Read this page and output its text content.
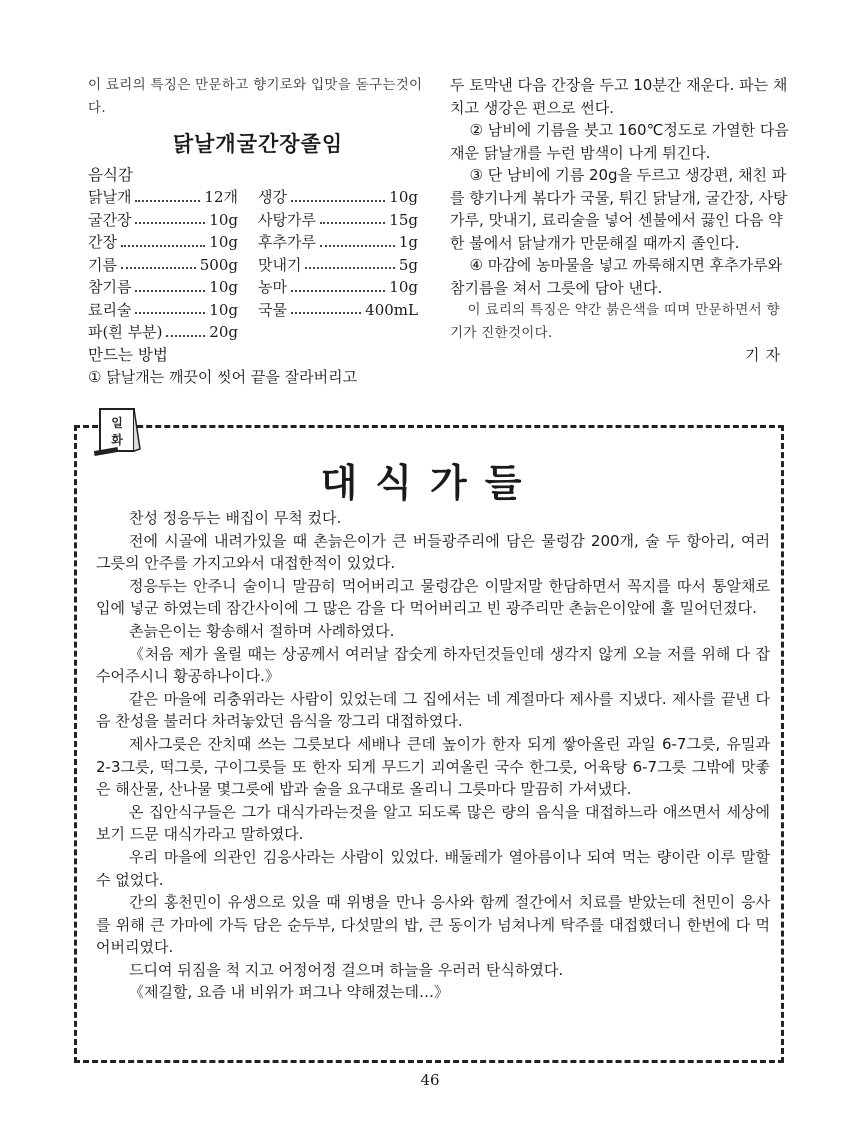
이 료리의 특징은 만문하고 향기로와 입맛을 돋구는것이다.
닭날개굴간장졸임
음식감
닭날개	12개 생강	10g
굴간장	10g 사탕가루	15g
간장	10g 후추가루	1g
기름	500g 맛내기	5g
참기름	10g 농마	10g
료리술	10g 국물	400mL
파(흰 부분)	20g
만드는 방법
① 닭날개는 깨끗이 씻어 끝을 잘라버리고
두 토막낸 다음 간장을 두고 10분간 재운다. 파는 채치고 생강은 편으로 썬다.
② 남비에 기름을 붓고 160℃정도로 가열한 다음 재운 닭날개를 누런 밤색이 나게 튀긴다.
③ 단 남비에 기름 20g을 두르고 생강편, 채친 파를 향기나게 볶다가 국물, 튀긴 닭날개, 굴간장, 사탕가루, 맛내기, 료리술을 넣어 센불에서 끓인 다음 약한 불에서 닭날개가 만문해질 때까지 졸인다.
④ 마감에 농마물을 넣고 까룩해지면 후추가루와 참기름을 쳐서 그릇에 담아 낸다.
이 료리의 특징은 약간 붉은색을 띠며 만문하면서 향기가 진한것이다.
기자
일
화
대식가들

찬성 정응두는 배집이 무척 컸다.

전에 시골에 내려가있을 때 촌늙은이가 큰 버들광주리에 담은 물렁감 200개, 술 두 항아리, 여러 그릇의 안주를 가지고와서 대접한적이 있었다.

정응두는 안주니 술이니 말끔히 먹어버리고 물렁감은 이말저말 한담하면서 꼭지를 따서 통알채로 입에 넣군 하였는데 잠간사이에 그 많은 감을 다 먹어버리고 빈 광주리만 촌늙은이앞에 훌 밀어던졌다.

촌늙은이는 황송해서 절하며 사례하였다.

《처음 제가 올릴 때는 상공께서 여러날 잡숫게 하자던것들인데 생각지 않게 오늘 저를 위해 다 잡수어주시니 황공하나이다.》

같은 마을에 리충위라는 사람이 있었는데 그 집에서는 네 계절마다 제사를 지냈다. 제사를 끝낸 다음 찬성을 불러다 차려놓았던 음식을 깡그리 대접하였다.

제사그릇은 잔치때 쓰는 그릇보다 세배나 큰데 높이가 한자 되게 쌓아올린 과일 6-7그릇, 유밀과 2-3그릇, 떡그릇, 구이그릇들 또 한자 되게 무드기 괴여올린 국수 한그릇, 어육탕 6-7그릇 그밖에 맛좋은 해산물, 산나물 몇그릇에 밥과 술을 요구대로 올리니 그릇마다 말끔히 가셔냈다.

온 집안식구들은 그가 대식가라는것을 알고 되도록 많은 량의 음식을 대접하느라 애쓰면서 세상에 보기 드문 대식가라고 말하였다.

우리 마을에 의관인 김응사라는 사람이 있었다. 배둘레가 열아름이나 되여 먹는 량이란 이루 말할수 없었다.

간의 홍천민이 유생으로 있을 때 위병을 만나 응사와 함께 절간에서 치료를 받았는데 천민이 응사를 위해 큰 가마에 가득 담은 순두부, 다섯말의 밥, 큰 동이가 넘쳐나게 탁주를 대접했더니 한번에 다 먹어버리였다.

드디여 뒤짐을 척 지고 어정어정 걸으며 하늘을 우러러 탄식하였다.

《제길할, 요즘 내 비위가 퍼그나 약해졌는데…》

46
